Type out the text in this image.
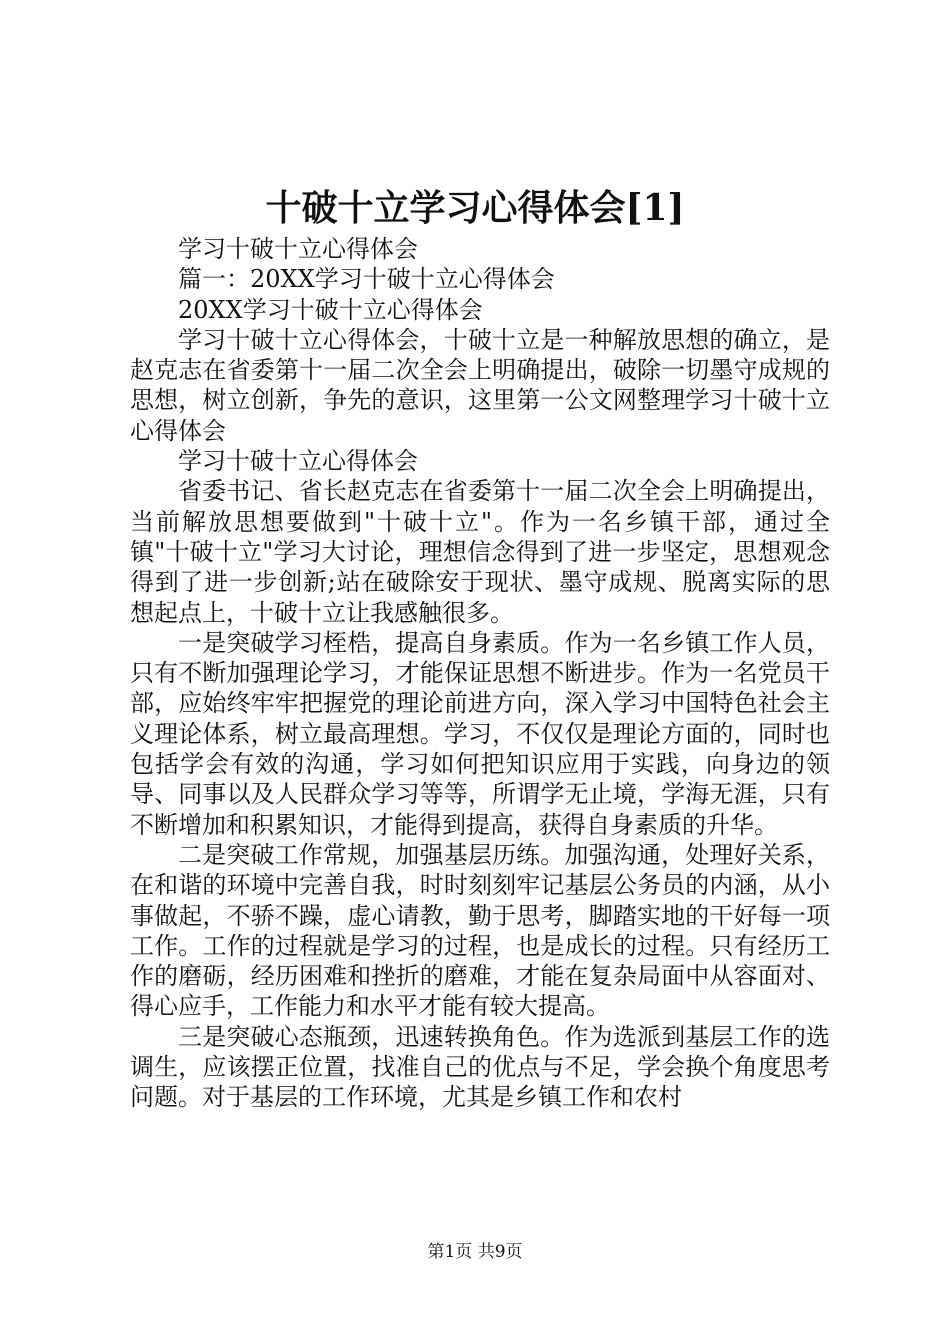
十破十立学习心得体会[1]

学习十破十立心得体会

篇一：20XX学习十破十立心得体会

20XX学习十破十立心得体会

学习十破十立心得体会，十破十立是一种解放思想的确立，是赵克志在省委第十一届二次全会上明确提出，破除一切墨守成规的思想，树立创新，争先的意识，这里第一公文网整理学习十破十立心得体会

学习十破十立心得体会

省委书记、省长赵克志在省委第十一届二次全会上明确提出，当前解放思想要做到"十破十立"。作为一名乡镇干部，通过全镇"十破十立"学习大讨论，理想信念得到了进一步坚定，思想观念得到了进一步创新;站在破除安于现状、墨守成规、脱离实际的思想起点上，十破十立让我感触很多。

一是突破学习桎梏，提高自身素质。作为一名乡镇工作人员，只有不断加强理论学习，才能保证思想不断进步。作为一名党员干部，应始终牢牢把握党的理论前进方向，深入学习中国特色社会主义理论体系，树立最高理想。学习，不仅仅是理论方面的，同时也包括学会有效的沟通，学习如何把知识应用于实践，向身边的领导、同事以及人民群众学习等等，所谓学无止境，学海无涯，只有不断增加和积累知识，才能得到提高，获得自身素质的升华。

二是突破工作常规，加强基层历练。加强沟通，处理好关系，在和谐的环境中完善自我，时时刻刻牢记基层公务员的内涵，从小事做起，不骄不躁，虚心请教，勤于思考，脚踏实地的干好每一项工作。工作的过程就是学习的过程，也是成长的过程。只有经历工作的磨砺，经历困难和挫折的磨难，才能在复杂局面中从容面对、得心应手，工作能力和水平才能有较大提高。

三是突破心态瓶颈，迅速转换角色。作为选派到基层工作的选调生，应该摆正位置，找准自己的优点与不足，学会换个角度思考问题。对于基层的工作环境，尤其是乡镇工作和农村

第1页 共9页
